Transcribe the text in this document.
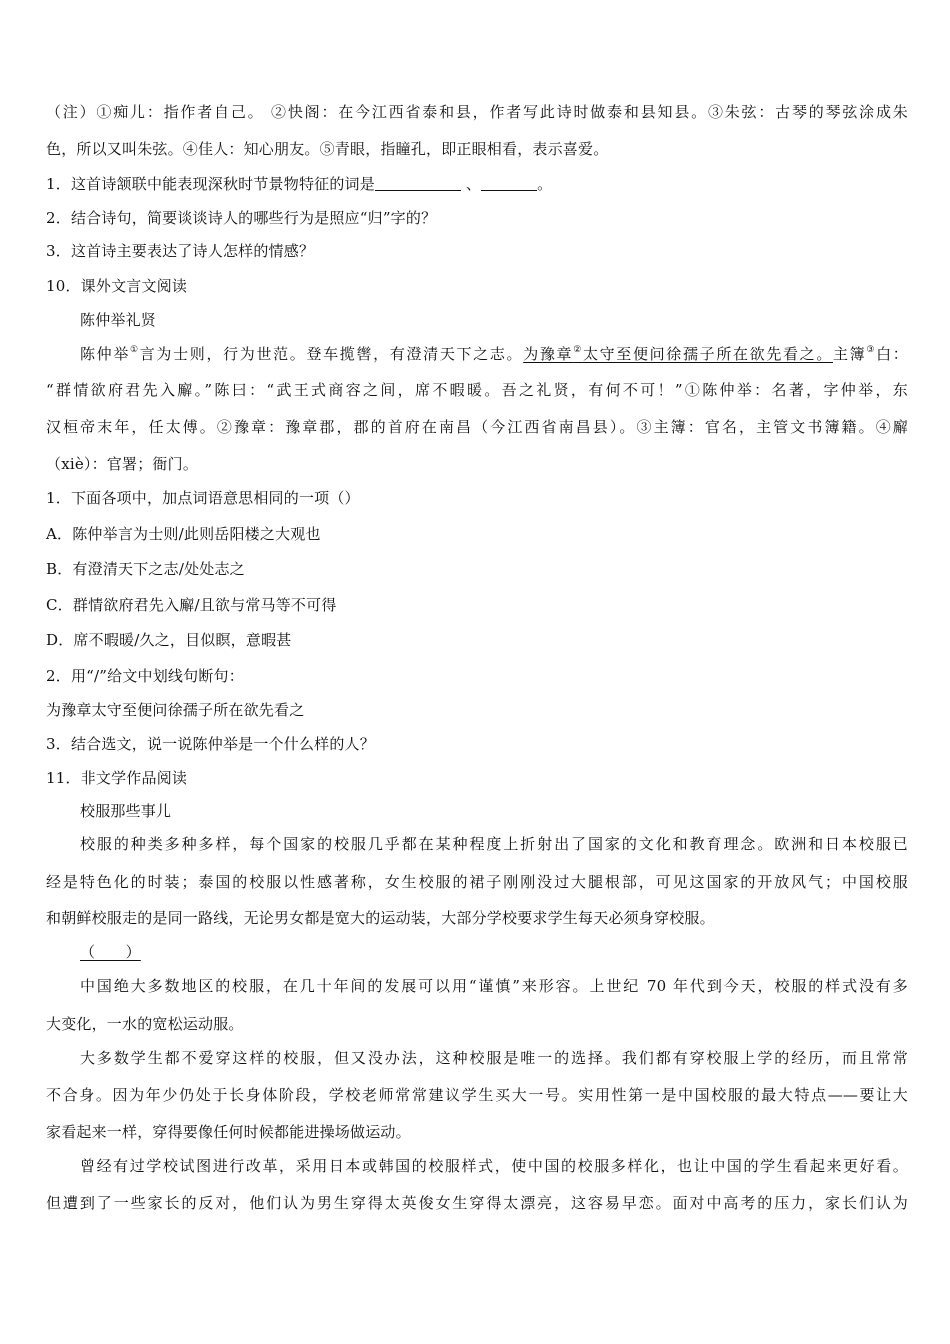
（注）①痴儿：指作者自己。 ②快阁：在今江西省泰和县，作者写此诗时做泰和县知县。③朱弦：古琴的琴弦涂成朱
色，所以又叫朱弦。④佳人：知心朋友。⑤青眼，指瞳孔，即正眼相看，表示喜爱。
1．这首诗颔联中能表现深秋时节景物特征的词是	、	。
2．结合诗句，简要谈谈诗人的哪些行为是照应“归”字的？
3．这首诗主要表达了诗人怎样的情感？
10．课外文言文阅读
陈仲举礼贤
陈仲举①言为士则，行为世范。登车揽辔，有澄清天下之志。为豫章②太守至便问徐孺子所在欲先看之。主簿③白：
“群情欲府君先入廨。”陈曰：“武王式商容之间，席不暇暖。吾之礼贤，有何不可！”①陈仲举：名著，字仲举，东
汉桓帝末年，任太傅。②豫章：豫章郡，郡的首府在南昌（今江西省南昌县）。③主簿：官名，主管文书簿籍。④廨
（xiè）：官署；衙门。
1．下面各项中，加点词语意思相同的一项（）
A．陈仲举言为士则/此则岳阳楼之大观也
B．有澄清天下之志/处处志之
C．群情欲府君先入廨/且欲与常马等不可得
D．席不暇暖/久之，目似瞑，意暇甚
2．用“/”给文中划线句断句：
为豫章太守至便问徐孺子所在欲先看之
3．结合选文，说一说陈仲举是一个什么样的人？
11．非文学作品阅读
校服那些事儿
校服的种类多种多样，每个国家的校服几乎都在某种程度上折射出了国家的文化和教育理念。欧洲和日本校服已
经是特色化的时装；泰国的校服以性感著称，女生校服的裙子刚刚没过大腿根部，可见这国家的开放风气；中国校服
和朝鲜校服走的是同一路线，无论男女都是宽大的运动装，大部分学校要求学生每天必须身穿校服。
（　　）
中国绝大多数地区的校服，在几十年间的发展可以用“谨慎”来形容。上世纪 70 年代到今天，校服的样式没有多
大变化，一水的宽松运动服。
大多数学生都不爱穿这样的校服，但又没办法，这种校服是唯一的选择。我们都有穿校服上学的经历，而且常常
不合身。因为年少仍处于长身体阶段，学校老师常常建议学生买大一号。实用性第一是中国校服的最大特点——要让大
家看起来一样，穿得要像任何时候都能进操场做运动。
曾经有过学校试图进行改革，采用日本或韩国的校服样式，使中国的校服多样化，也让中国的学生看起来更好看。
但遭到了一些家长的反对，他们认为男生穿得太英俊女生穿得太漂亮，这容易早恋。面对中高考的压力，家长们认为
